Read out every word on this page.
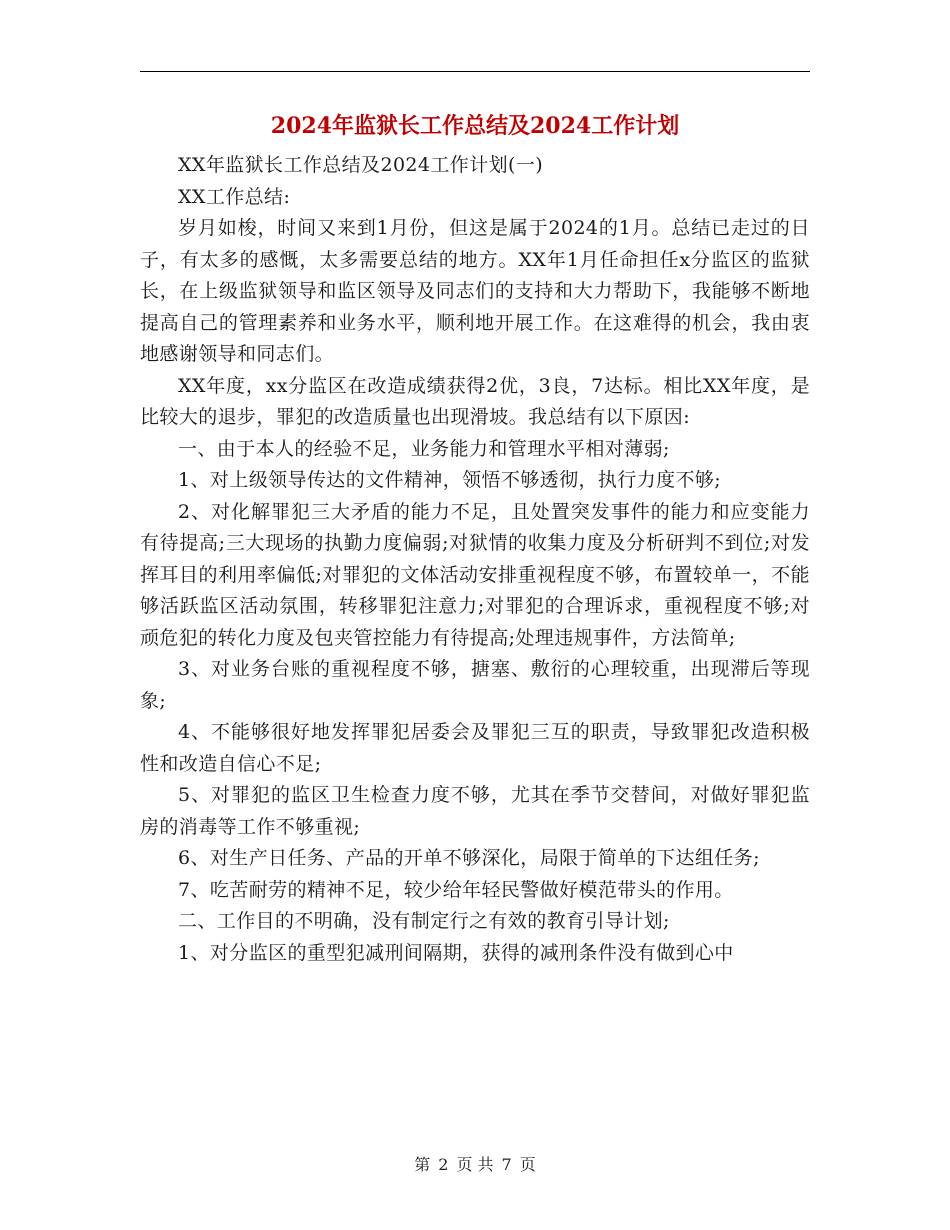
2024年监狱长工作总结及2024工作计划

XX年监狱长工作总结及2024工作计划(一)

XX工作总结:

岁月如梭，时间又来到1月份，但这是属于2024的1月。总结已走过的日子，有太多的感慨，太多需要总结的地方。XX年1月任命担任x分监区的监狱长，在上级监狱领导和监区领导及同志们的支持和大力帮助下，我能够不断地提高自己的管理素养和业务水平，顺利地开展工作。在这难得的机会，我由衷地感谢领导和同志们。

XX年度，xx分监区在改造成绩获得2优，3良，7达标。相比XX年度，是比较大的退步，罪犯的改造质量也出现滑坡。我总结有以下原因:

一、由于本人的经验不足，业务能力和管理水平相对薄弱;

1、对上级领导传达的文件精神，领悟不够透彻，执行力度不够;

2、对化解罪犯三大矛盾的能力不足，且处置突发事件的能力和应变能力有待提高;三大现场的执勤力度偏弱;对狱情的收集力度及分析研判不到位;对发挥耳目的利用率偏低;对罪犯的文体活动安排重视程度不够，布置较单一，不能够活跃监区活动氛围，转移罪犯注意力;对罪犯的合理诉求，重视程度不够;对顽危犯的转化力度及包夹管控能力有待提高;处理违规事件，方法简单;

3、对业务台账的重视程度不够，搪塞、敷衍的心理较重，出现滞后等现象;

4、不能够很好地发挥罪犯居委会及罪犯三互的职责，导致罪犯改造积极性和改造自信心不足;

5、对罪犯的监区卫生检查力度不够，尤其在季节交替间，对做好罪犯监房的消毒等工作不够重视;

6、对生产日任务、产品的开单不够深化，局限于简单的下达组任务;

7、吃苦耐劳的精神不足，较少给年轻民警做好模范带头的作用。

二、工作目的不明确，没有制定行之有效的教育引导计划;

1、对分监区的重型犯减刑间隔期，获得的减刑条件没有做到心中

第 2 页 共 7 页
